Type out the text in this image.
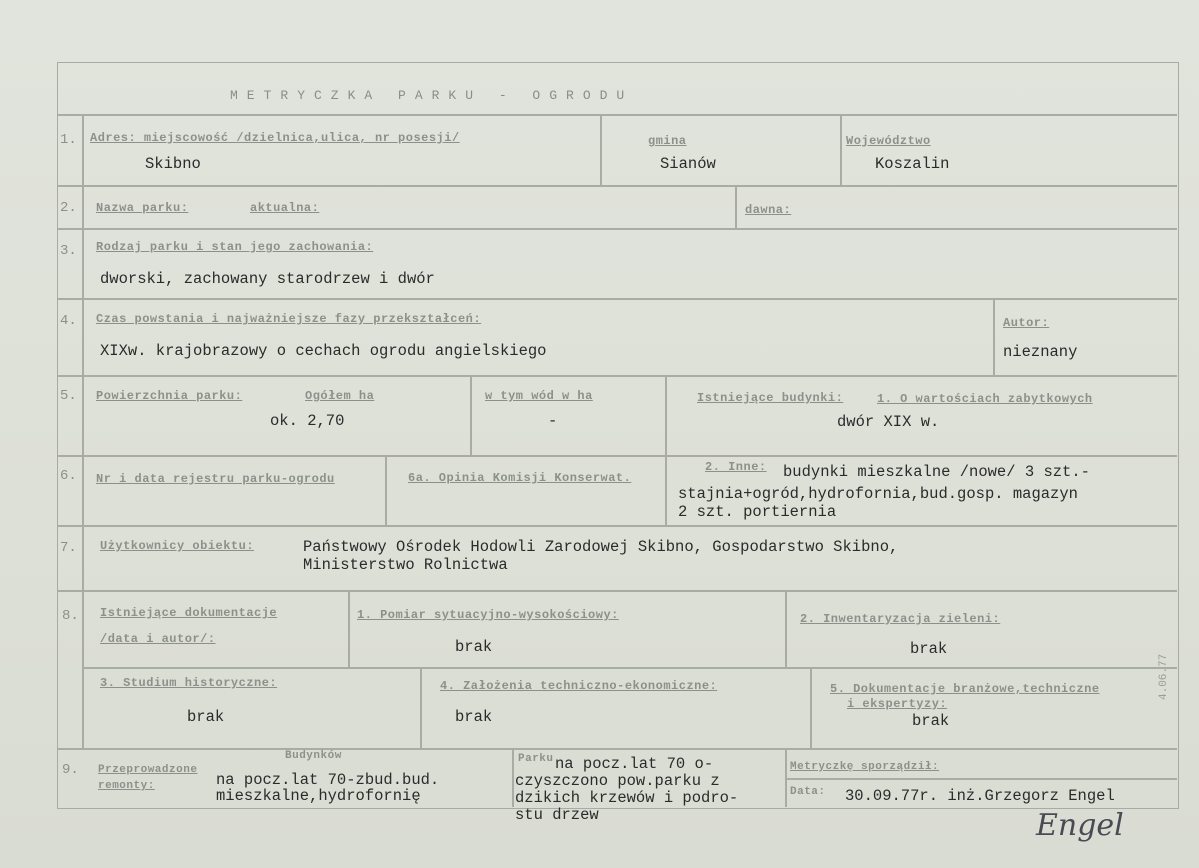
METRYCZKA PARKU - OGRODU
1. Adres: miejscowość /dzielnica,ulica, nr posesji/
Skibno
gmina
Sianów
Województwo
Koszalin
2. Nazwa parku:	aktualna:	dawna:
3. Rodzaj parku i stan jego zachowania:
dworski, zachowany starodrzew i dwór
4. Czas powstania i najważniejsze fazy przekształceń:
XIXw. krajobrazowy o cechach ogrodu angielskiego
Autor:
nieznany
5. Powierzchnia parku:	Ogółem ha
ok. 2,70
w tym wód w ha
-
Istniejące budynki:	1. O wartościach zabytkowych
dwór XIX w.
6. Nr i data rejestru parku-ogrodu	6a. Opinia Komisji Konserwat.
2. Inne: budynki mieszkalne /nowe/ 3 szt.-
stajnia+ogród,hydrofornia,bud.gosp. magazyn
2 szt. portiernia
7. Użytkownicy obiektu:	Państwowy Ośrodek Hodowli Zarodowej Skibno, Gospodarstwo Skibno,
Ministerstwo Rolnictwa
8. Istniejące dokumentacje
/data i autor/:
1. Pomiar sytuacyjno-wysokościowy:
brak
2. Inwentaryzacja zieleni:
brak
3. Studium historyczne:
brak
4. Założenia techniczno-ekonomiczne:
brak
5. Dokumentacje branżowe,techniczne
i ekspertyzy:
brak
9. Przeprowadzone
remonty:
Budynków
na pocz.lat 70-zbud.bud.
mieszkalne,hydrofornię
Parku na pocz.lat 70 o-
czyszczono pow.parku z
dzikich krzewów i podro-
stu drzew
Metryczkę sporządził:
Data: 30.09.77r. inż.Grzegorz Engel
Engel
4.06.77
